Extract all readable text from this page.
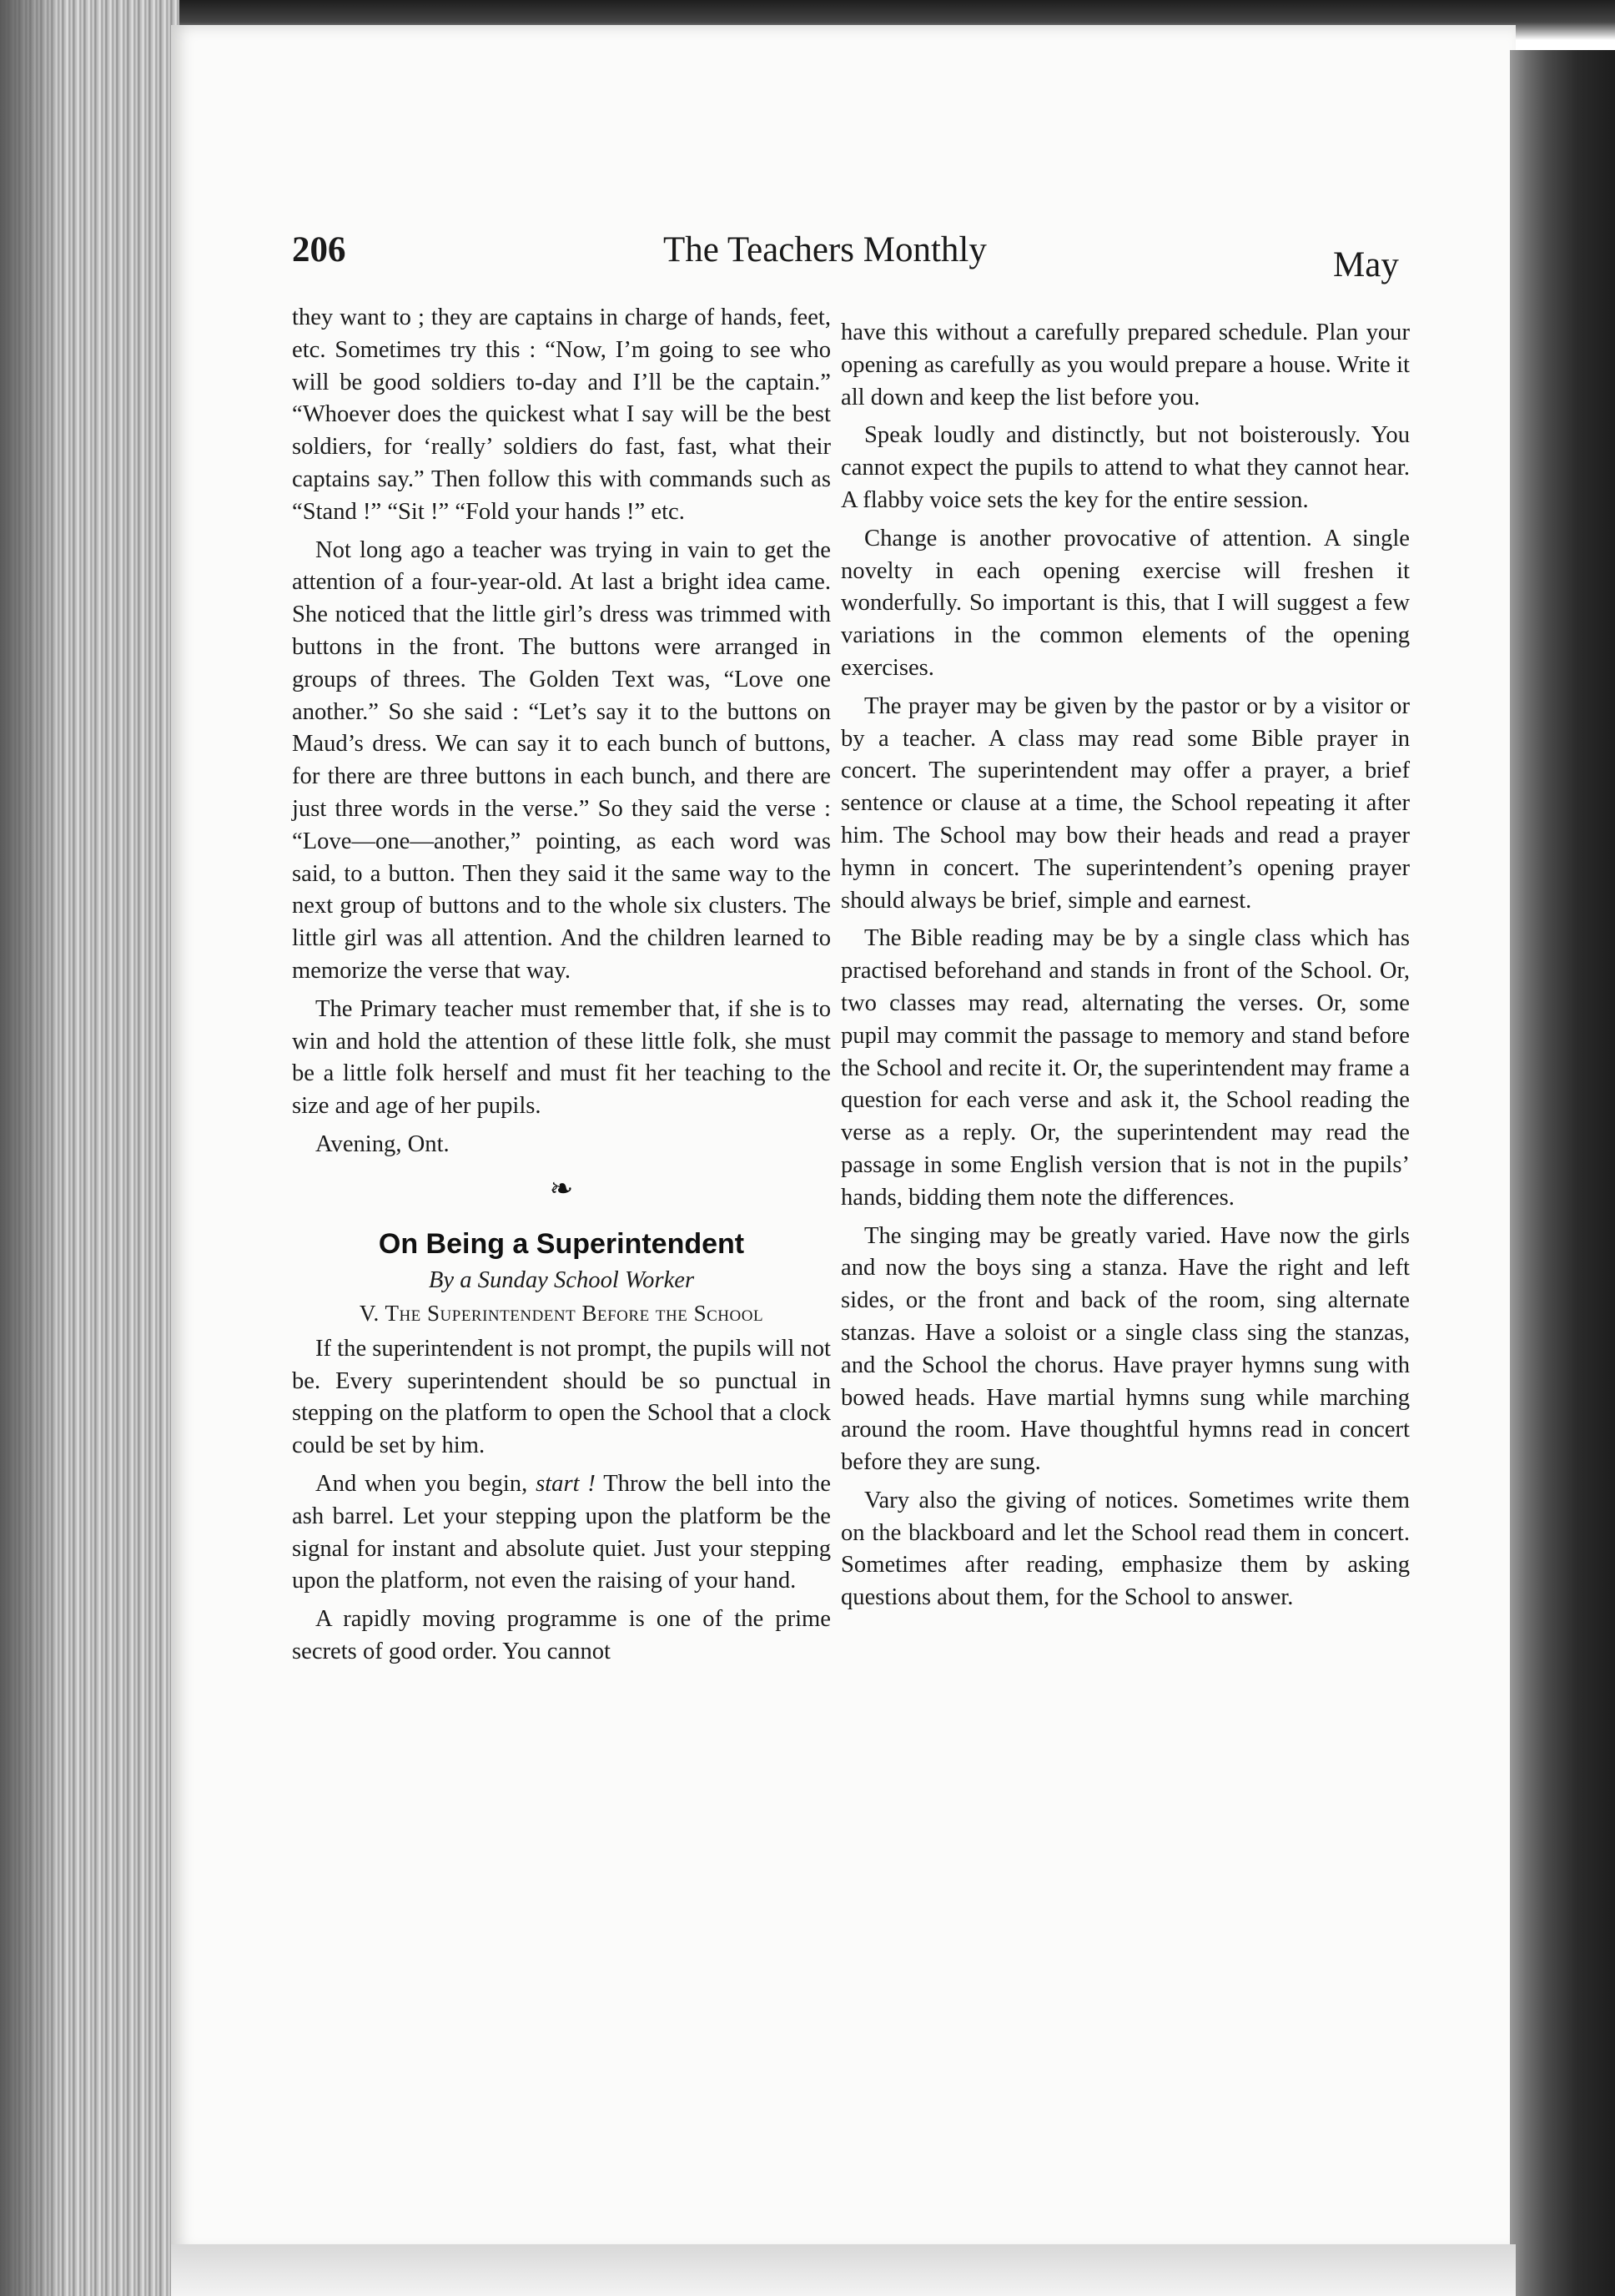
206	The Teachers Monthly	May

they want to ; they are captains in charge of hands, feet, etc. Sometimes try this : “Now, I’m going to see who will be good soldiers to-day and I’ll be the captain.” “Whoever does the quickest what I say will be the best soldiers, for ‘really’ soldiers do fast, fast, what their captains say.” Then follow this with commands such as “Stand !” “Sit !” “Fold your hands !” etc.

Not long ago a teacher was trying in vain to get the attention of a four-year-old. At last a bright idea came. She noticed that the little girl’s dress was trimmed with buttons in the front. The buttons were arranged in groups of threes. The Golden Text was, “Love one another.” So she said : “Let’s say it to the buttons on Maud’s dress. We can say it to each bunch of buttons, for there are three buttons in each bunch, and there are just three words in the verse.” So they said the verse : “Love—one—another,” pointing, as each word was said, to a button. Then they said it the same way to the next group of buttons and to the whole six clusters. The little girl was all attention. And the children learned to memorize the verse that way.

The Primary teacher must remember that, if she is to win and hold the attention of these little folk, she must be a little folk herself and must fit her teaching to the size and age of her pupils.

Avening, Ont.

❧
On Being a Superintendent
By a Sunday School Worker
V. The Superintendent Before the School

If the superintendent is not prompt, the pupils will not be. Every superintendent should be so punctual in stepping on the platform to open the School that a clock could be set by him.

And when you begin, start ! Throw the bell into the ash barrel. Let your stepping upon the platform be the signal for instant and absolute quiet. Just your stepping upon the platform, not even the raising of your hand.

A rapidly moving programme is one of the prime secrets of good order. You cannot

have this without a carefully prepared schedule. Plan your opening as carefully as you would prepare a house. Write it all down and keep the list before you.

Speak loudly and distinctly, but not boisterously. You cannot expect the pupils to attend to what they cannot hear. A flabby voice sets the key for the entire session.

Change is another provocative of attention. A single novelty in each opening exercise will freshen it wonderfully. So important is this, that I will suggest a few variations in the common elements of the opening exercises.

The prayer may be given by the pastor or by a visitor or by a teacher. A class may read some Bible prayer in concert. The superintendent may offer a prayer, a brief sentence or clause at a time, the School repeating it after him. The School may bow their heads and read a prayer hymn in concert. The superintendent’s opening prayer should always be brief, simple and earnest.

The Bible reading may be by a single class which has practised beforehand and stands in front of the School. Or, two classes may read, alternating the verses. Or, some pupil may commit the passage to memory and stand before the School and recite it. Or, the superintendent may frame a question for each verse and ask it, the School reading the verse as a reply. Or, the superintendent may read the passage in some English version that is not in the pupils’ hands, bidding them note the differences.

The singing may be greatly varied. Have now the girls and now the boys sing a stanza. Have the right and left sides, or the front and back of the room, sing alternate stanzas. Have a soloist or a single class sing the stanzas, and the School the chorus. Have prayer hymns sung with bowed heads. Have martial hymns sung while marching around the room. Have thoughtful hymns read in concert before they are sung.

Vary also the giving of notices. Sometimes write them on the blackboard and let the School read them in concert. Sometimes after reading, emphasize them by asking questions about them, for the School to answer.
